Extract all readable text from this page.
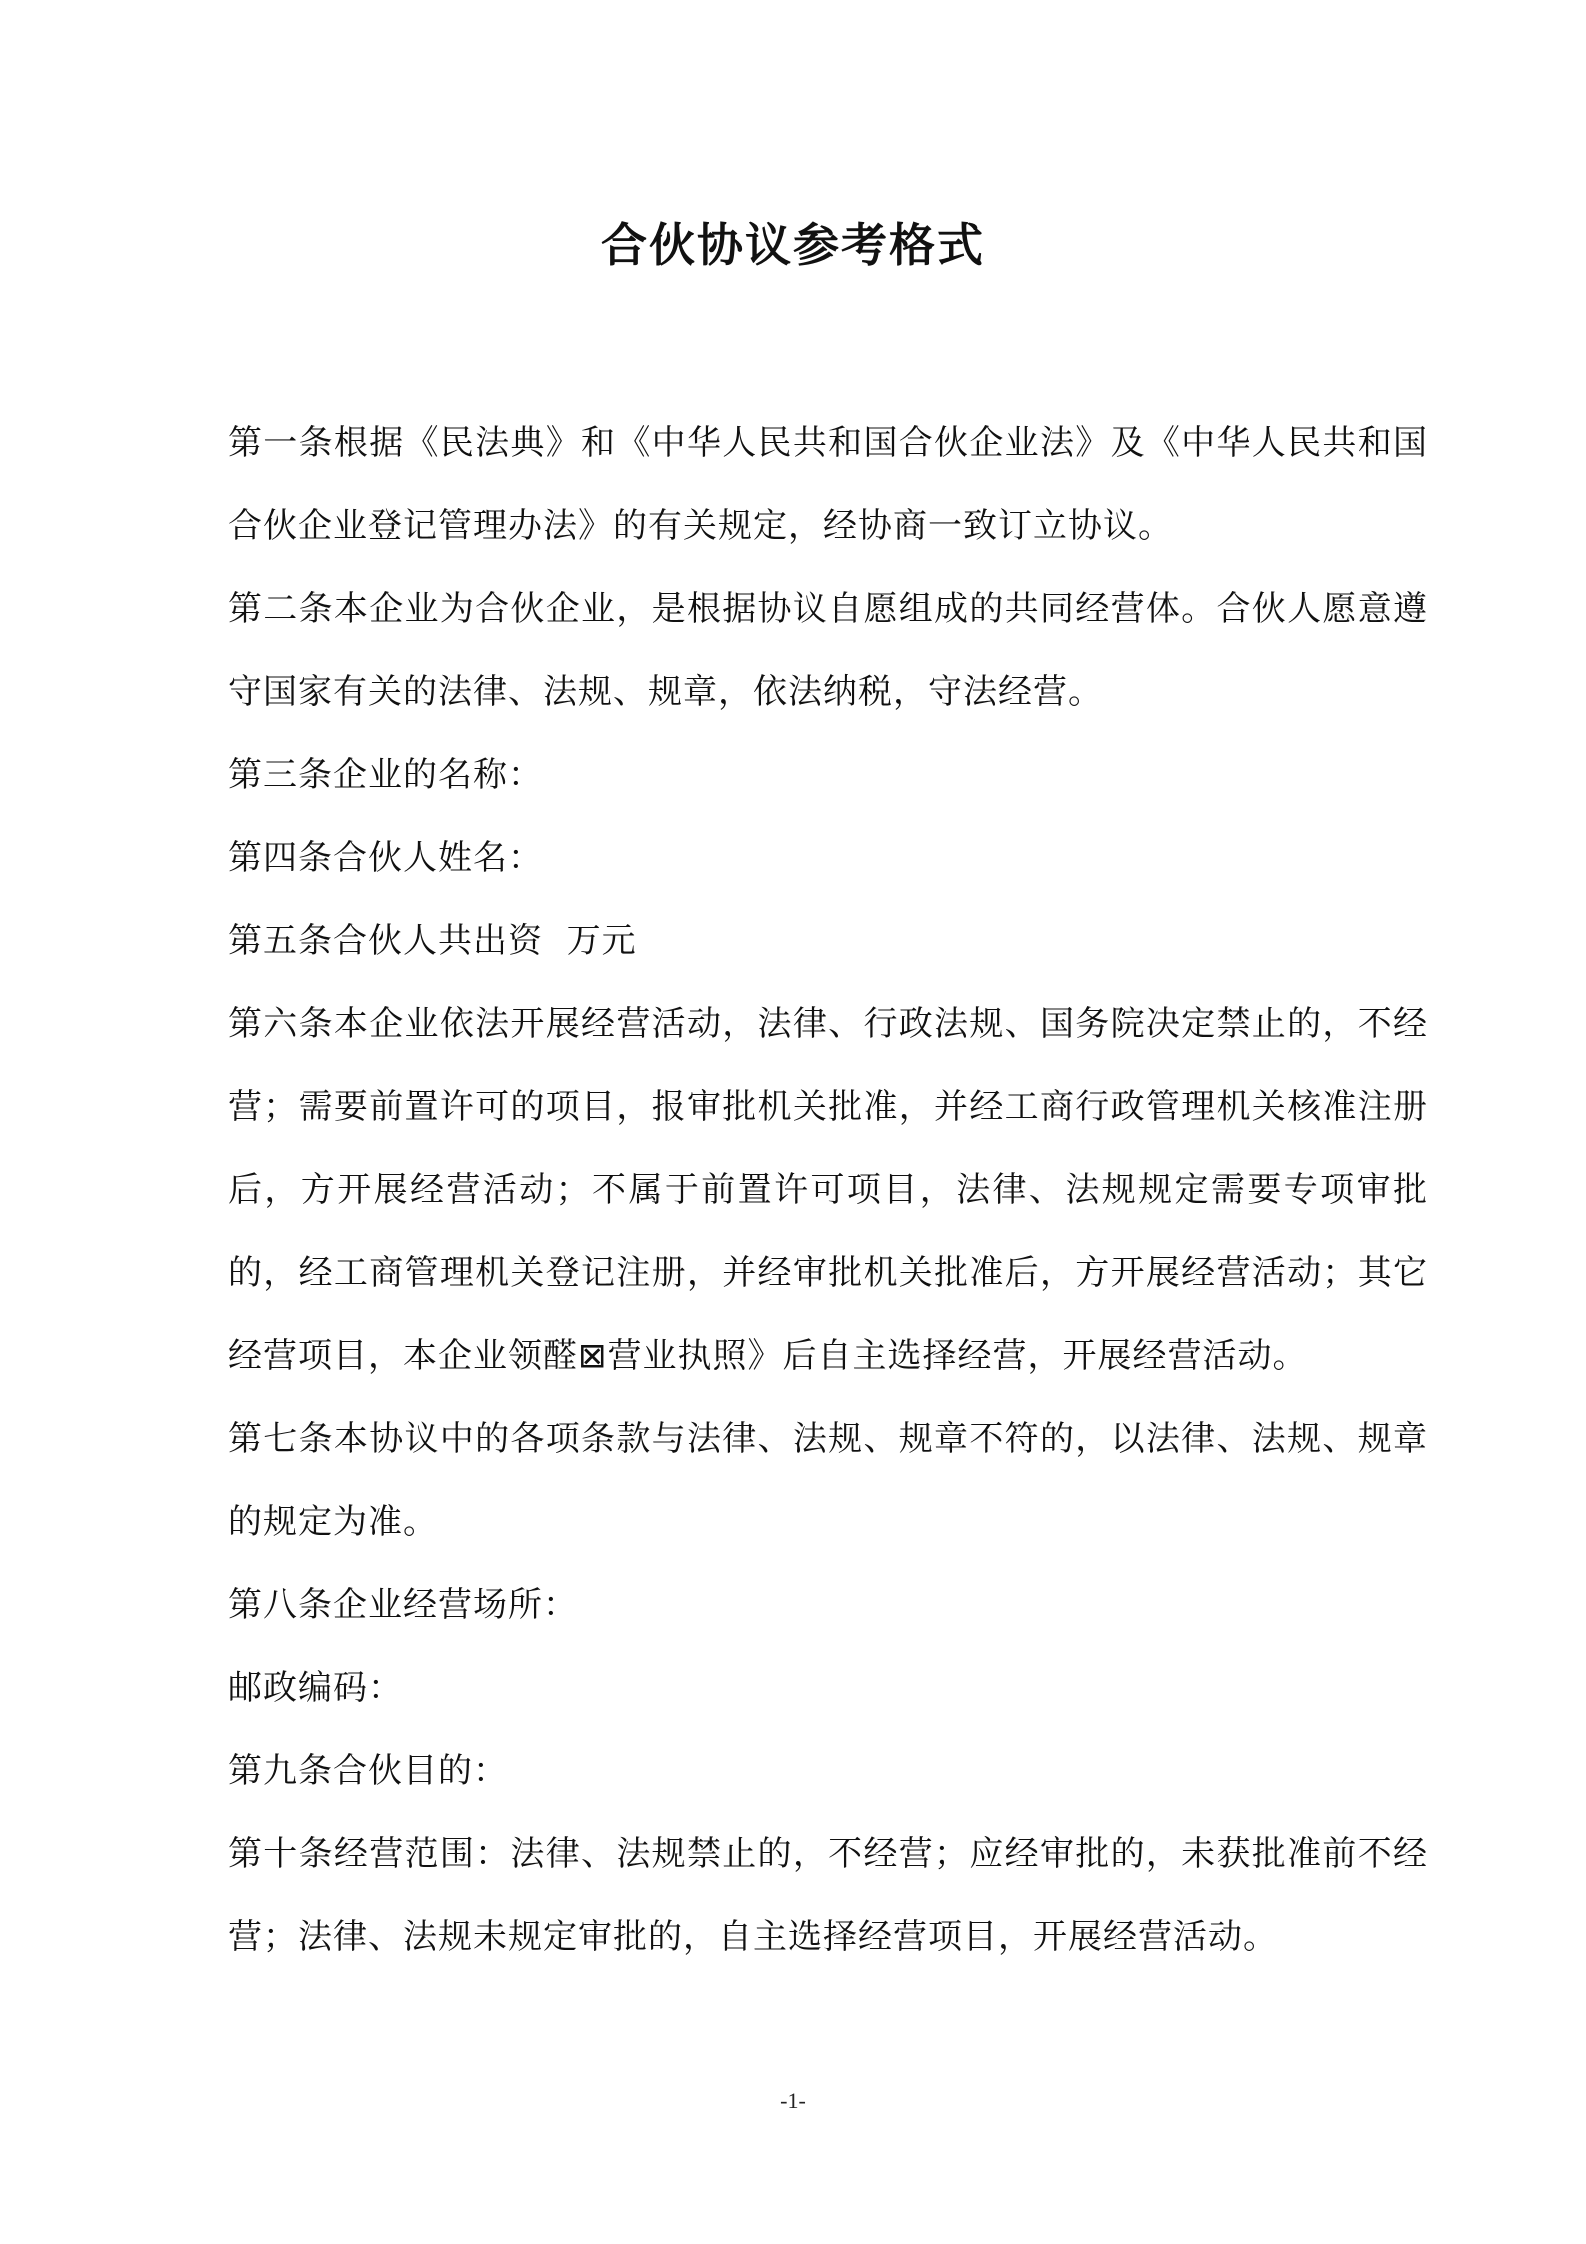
合伙协议参考格式

第一条根据《民法典》和《中华人民共和国合伙企业法》及《中华人民共和国合伙企业登记管理办法》的有关规定，经协商一致订立协议。

第二条本企业为合伙企业，是根据协议自愿组成的共同经营体。合伙人愿意遵守国家有关的法律、法规、规章，依法纳税，守法经营。

第三条企业的名称：

第四条合伙人姓名：

第五条合伙人共出资  万元

第六条本企业依法开展经营活动，法律、行政法规、国务院决定禁止的，不经营；需要前置许可的项目，报审批机关批准，并经工商行政管理机关核准注册后，方开展经营活动；不属于前置许可项目，法律、法规规定需要专项审批的，经工商管理机关登记注册，并经审批机关批准后，方开展经营活动；其它经营项目，本企业领醛⊠营业执照》后自主选择经营，开展经营活动。

第七条本协议中的各项条款与法律、法规、规章不符的，以法律、法规、规章的规定为准。

第八条企业经营场所：

邮政编码：

第九条合伙目的：

第十条经营范围：法律、法规禁止的，不经营；应经审批的，未获批准前不经营；法律、法规未规定审批的，自主选择经营项目，开展经营活动。

-1-
